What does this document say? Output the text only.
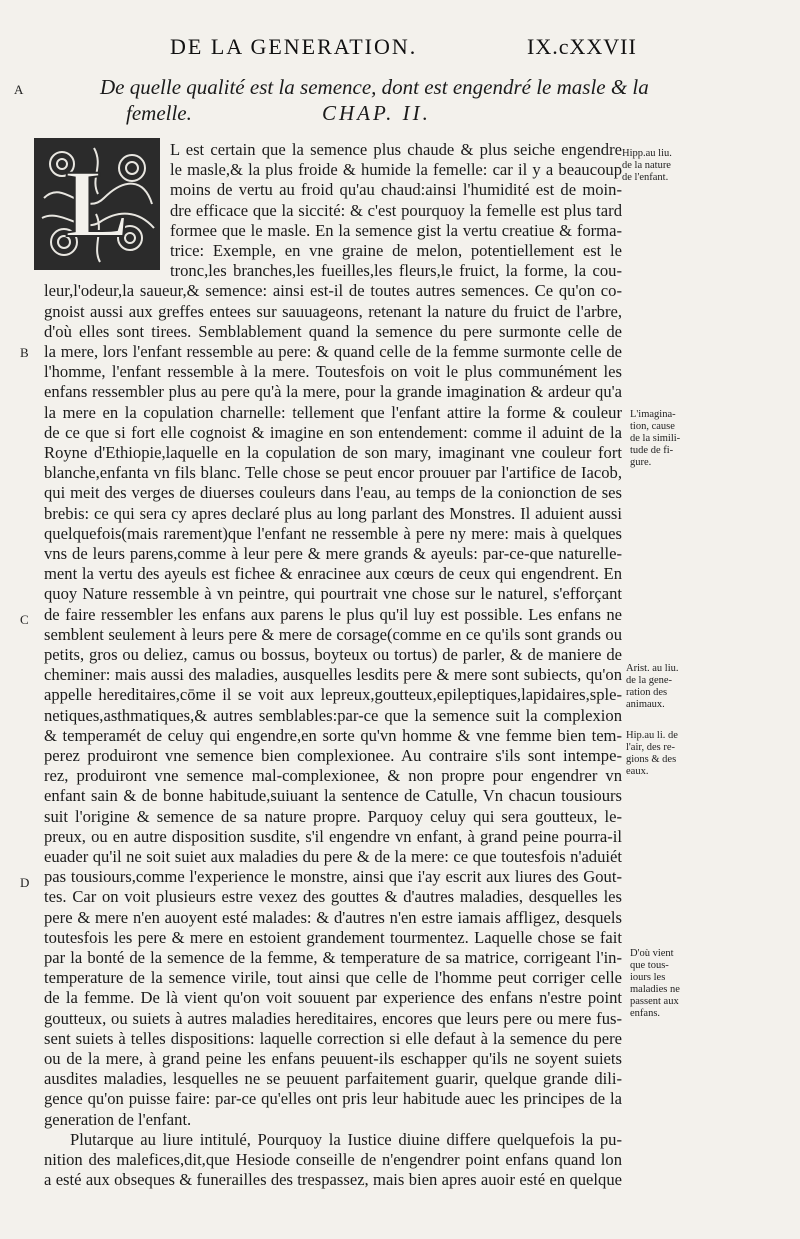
DE LA GENERATION.	IX.cXXVII
A
B
C
D
De quelle qualité est la semence, dont est engendré le masle & la
femelle.	CHAP. II.
L
L est certain que la semence plus chaude & plus seiche engendre
le masle,& la plus froide & humide la femelle: car il y a beaucoup
moins de vertu au froid qu'au chaud:ainsi l'humidité est de moin-
dre efficace que la siccité: & c'est pourquoy la femelle est plus tard
formee que le masle. En la semence gist la vertu creatiue & forma-
trice: Exemple, en vne graine de melon, potentiellement est le
tronc,les branches,les fueilles,les fleurs,le fruict, la forme, la cou-
leur,l'odeur,la saueur,& semence: ainsi est-il de toutes autres semences. Ce qu'on co-
gnoist aussi aux greffes entees sur sauuageons, retenant la nature du fruict de l'arbre,
d'où elles sont tirees. Semblablement quand la semence du pere surmonte celle de
la mere, lors l'enfant ressemble au pere: & quand celle de la femme surmonte celle de
l'homme, l'enfant ressemble à la mere. Toutesfois on voit le plus communément les
enfans ressembler plus au pere qu'à la mere, pour la grande imagination & ardeur qu'a
la mere en la copulation charnelle: tellement que l'enfant attire la forme & couleur
de ce que si fort elle cognoist & imagine en son entendement: comme il aduint de la
Royne d'Ethiopie,laquelle en la copulation de son mary, imaginant vne couleur fort
blanche,enfanta vn fils blanc. Telle chose se peut encor prouuer par l'artifice de Iacob,
qui meit des verges de diuerses couleurs dans l'eau, au temps de la conionction de ses
brebis: ce qui sera cy apres declaré plus au long parlant des Monstres. Il aduient aussi
quelquefois(mais rarement)que l'enfant ne ressemble à pere ny mere: mais à quelques
vns de leurs parens,comme à leur pere & mere grands & ayeuls: par-ce-que naturelle-
ment la vertu des ayeuls est fichee & enracinee aux cœurs de ceux qui engendrent. En
quoy Nature ressemble à vn peintre, qui pourtrait vne chose sur le naturel, s'efforçant
de faire ressembler les enfans aux parens le plus qu'il luy est possible. Les enfans ne
semblent seulement à leurs pere & mere de corsage(comme en ce qu'ils sont grands ou
petits, gros ou deliez, camus ou bossus, boyteux ou tortus) de parler, & de maniere de
cheminer: mais aussi des maladies, ausquelles lesdits pere & mere sont subiects, qu'on
appelle hereditaires,cōme il se voit aux lepreux,goutteux,epileptiques,lapidaires,sple-
netiques,asthmatiques,& autres semblables:par-ce que la semence suit la complexion
& temperamét de celuy qui engendre,en sorte qu'vn homme & vne femme bien tem-
perez produiront vne semence bien complexionee. Au contraire s'ils sont intempe-
rez, produiront vne semence mal-complexionee, & non propre pour engendrer vn
enfant sain & de bonne habitude,suiuant la sentence de Catulle, Vn chacun tousiours
suit l'origine & semence de sa nature propre. Parquoy celuy qui sera goutteux, le-
preux, ou en autre disposition susdite, s'il engendre vn enfant, à grand peine pourra-il
euader qu'il ne soit suiet aux maladies du pere & de la mere: ce que toutesfois n'aduiét
pas tousiours,comme l'experience le monstre, ainsi que i'ay escrit aux liures des Gout-
tes. Car on voit plusieurs estre vexez des gouttes & d'autres maladies, desquelles les
pere & mere n'en auoyent esté malades: & d'autres n'en estre iamais affligez, desquels
toutesfois les pere & mere en estoient grandement tourmentez. Laquelle chose se fait
par la bonté de la semence de la femme, & temperature de sa matrice, corrigeant l'in-
temperature de la semence virile, tout ainsi que celle de l'homme peut corriger celle
de la femme. De là vient qu'on voit souuent par experience des enfans n'estre point
goutteux, ou suiets à autres maladies hereditaires, encores que leurs pere ou mere fus-
sent suiets à telles dispositions: laquelle correction si elle defaut à la semence du pere
ou de la mere, à grand peine les enfans peuuent-ils eschapper qu'ils ne soyent suiets
ausdites maladies, lesquelles ne se peuuent parfaitement guarir, quelque grande dili-
gence qu'on puisse faire: par-ce qu'elles ont pris leur habitude auec les principes de la
generation de l'enfant.
Plutarque au liure intitulé, Pourquoy la Iustice diuine differe quelquefois la pu-
nition des malefices,dit,que Hesiode conseille de n'engendrer point enfans quand lon
a esté aux obseques & funerailles des trespassez, mais bien apres auoir esté en quelque
Hipp.au liu.
de la nature
de l'enfant.
L'imagina-
tion, cause
de la simili-
tude de fi-
gure.
Arist. au liu.
de la gene-
ration des
animaux.
Hip.au li. de
l'air, des re-
gions & des
eaux.
D'où vient
que tous-
iours les
maladies ne
passent aux
enfans.
